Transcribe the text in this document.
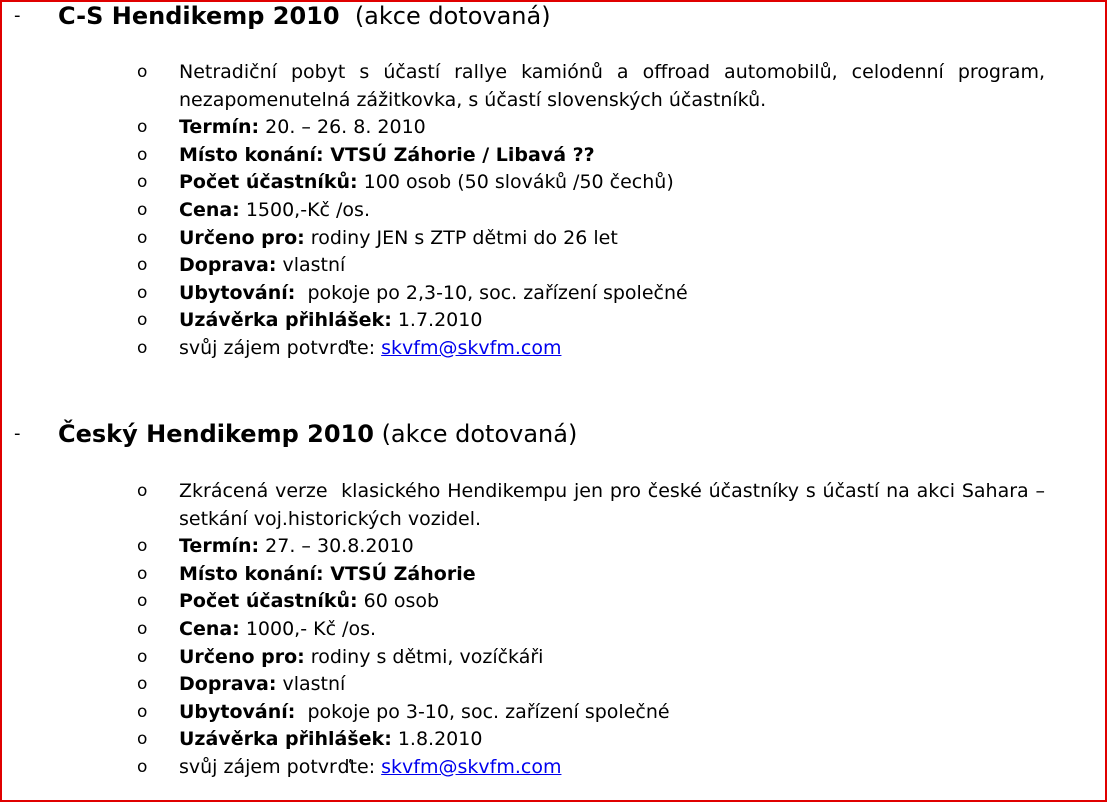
- C-S Hendikemp 2010  (akce dotovaná)
o Netradiční pobyt s účastí rallye kamiónů a offroad automobilů, celodenní program, nezapomenutelná zážitkovka, s účastí slovenských účastníků.
o Termín: 20. – 26. 8. 2010
o Místo konání: VTSÚ Záhorie / Libavá ??
o Počet účastníků: 100 osob (50 slováků /50 čechů)
o Cena: 1500,-Kč /os.
o Určeno pro: rodiny JEN s ZTP dětmi do 26 let
o Doprava: vlastní
o Ubytování:  pokoje po 2,3-10, soc. zařízení společné
o Uzávěrka přihlášek: 1.7.2010
o svůj zájem potvrďte: skvfm@skvfm.com
- Český Hendikemp 2010 (akce dotovaná)
o Zkrácená verze  klasického Hendikempu jen pro české účastníky s účastí na akci Sahara – setkání voj.historických vozidel.
o Termín: 27. – 30.8.2010
o Místo konání: VTSÚ Záhorie
o Počet účastníků: 60 osob
o Cena: 1000,- Kč /os.
o Určeno pro: rodiny s dětmi, vozíčkáři
o Doprava: vlastní
o Ubytování:  pokoje po 3-10, soc. zařízení společné
o Uzávěrka přihlášek: 1.8.2010
o svůj zájem potvrďte: skvfm@skvfm.com
